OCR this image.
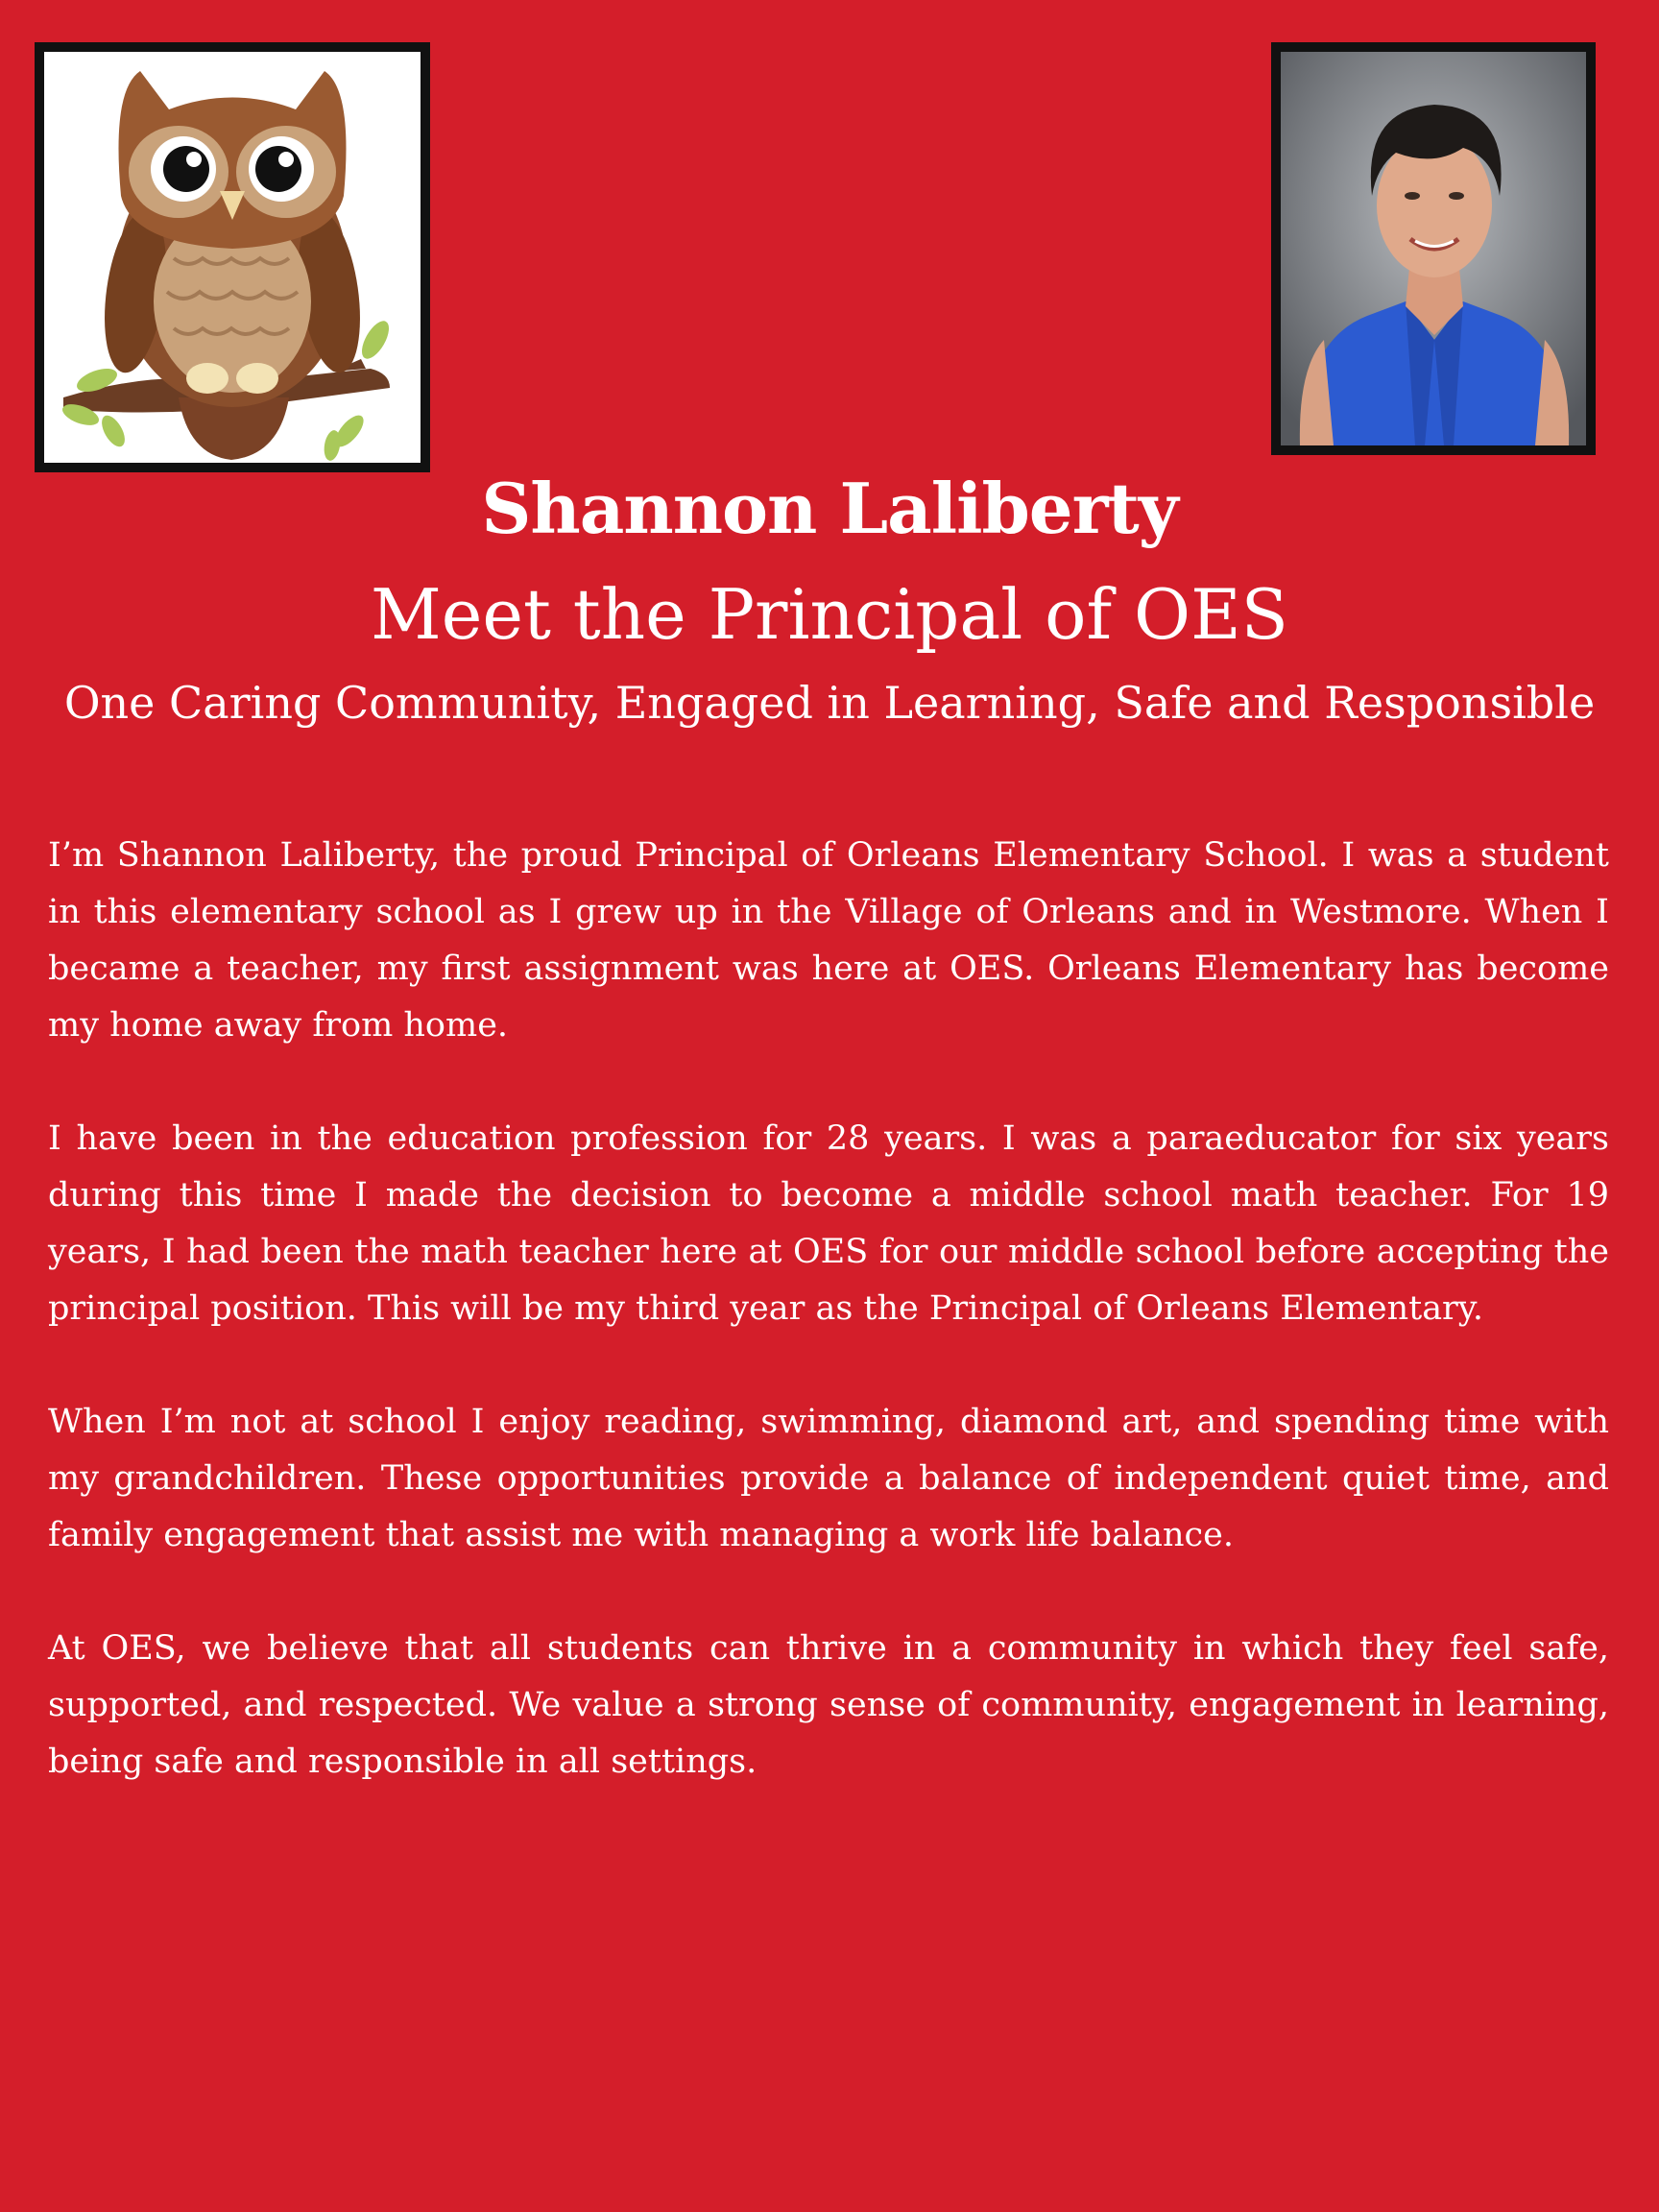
Shannon Laliberty
Meet the Principal of OES
One Caring Community, Engaged in Learning, Safe and Responsible

I’m Shannon Laliberty, the proud Principal of Orleans Elementary School. I was a student in this elementary school as I grew up in the Village of Orleans and in Westmore. When I became a teacher, my first assignment was here at OES. Orleans Elementary has become my home away from home.

I have been in the education profession for 28 years. I was a paraeducator for six years during this time I made the decision to become a middle school math teacher. For 19 years, I had been the math teacher here at OES for our middle school before accepting the principal position. This will be my third year as the Principal of Orleans Elementary.

When I’m not at school I enjoy reading, swimming, diamond art, and spending time with my grandchildren. These opportunities provide a balance of independent quiet time, and family engagement that assist me with managing a work life balance.

At OES, we believe that all students can thrive in a community in which they feel safe, supported, and respected. We value a strong sense of community, engagement in learning, being safe and responsible in all settings.
